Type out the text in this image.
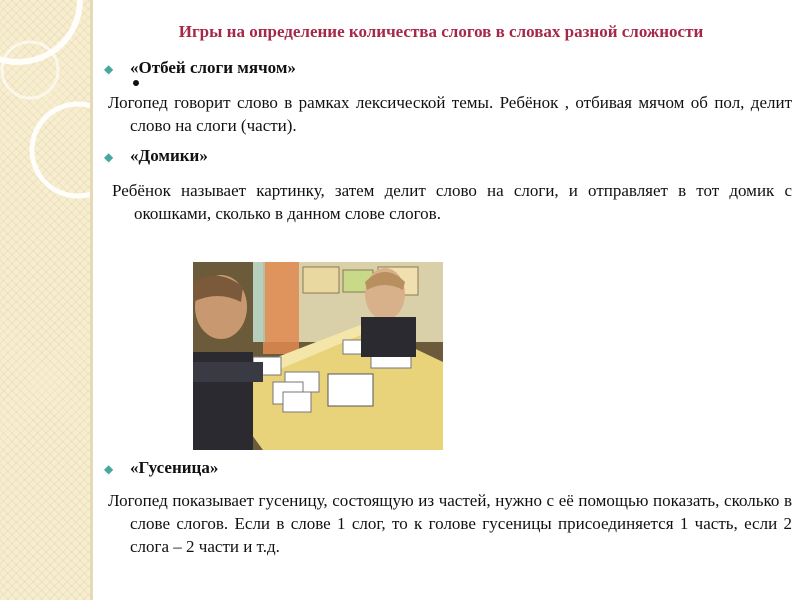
Игры на определение количества слогов в словах разной сложности
◆ «Отбей слоги мячом»
Логопед говорит слово в рамках лексической темы. Ребёнок , отбивая мячом об пол, делит слово на слоги (части).
◆ «Домики»
Ребёнок называет картинку, затем делит слово на слоги, и отправляет в тот домик с окошками, сколько в данном слове слогов.
◆ «Гусеница»
Логопед показывает гусеницу, состоящую из частей, нужно с её помощью показать, сколько в слове слогов. Если в слове 1 слог, то к голове гусеницы присоединяется 1 часть, если 2 слога – 2 части и т.д.
